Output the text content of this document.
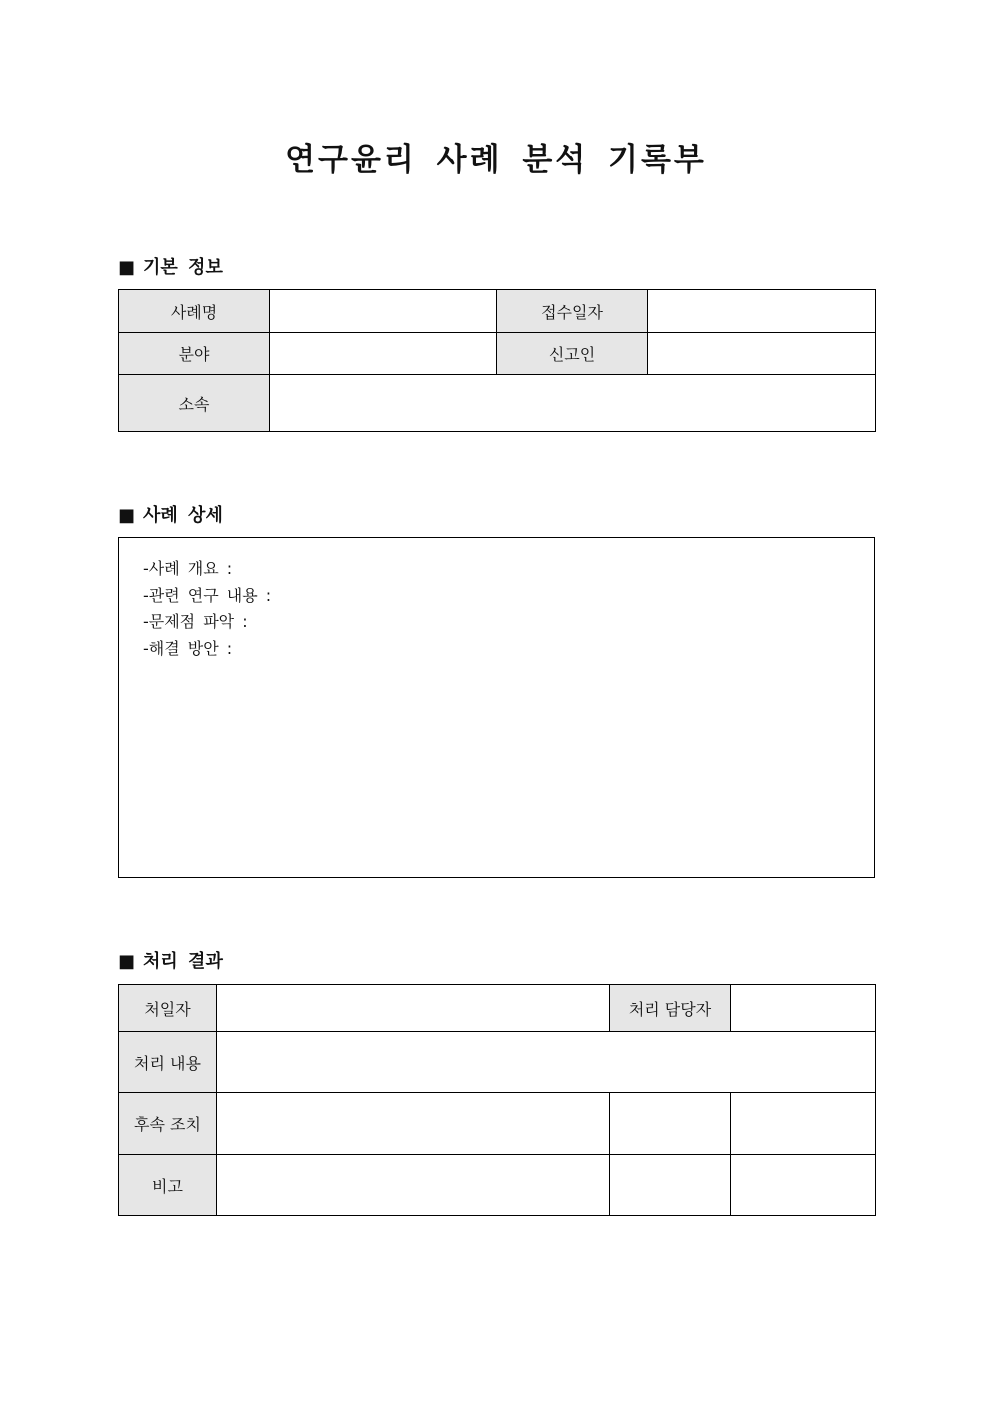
연구윤리 사례 분석 기록부
■ 기본 정보
사례명		접수일자	
분야		신고인	
소속			
■ 사례 상세
-사례 개요 :
-관련 연구 내용 :
-문제점 파악 :
-해결 방안 :
■ 처리 결과
처일자		처리 담당자	
처리 내용			
후속 조치			
비고			
